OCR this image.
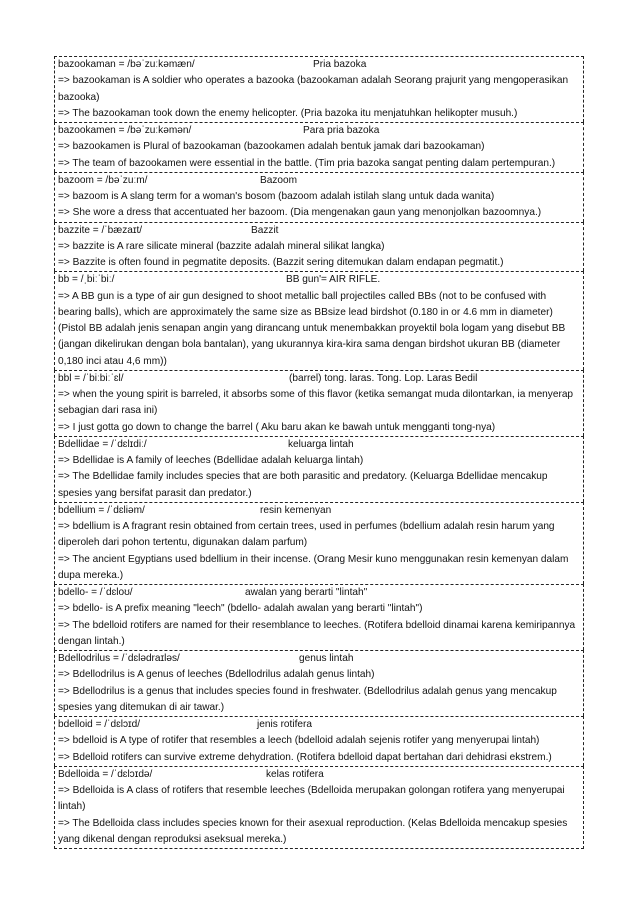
bazookaman = /bəˈzuːkəmæn/	Pria bazoka
=> bazookaman is A soldier who operates a bazooka (bazookaman adalah Seorang prajurit yang mengoperasikan bazooka)
=> The bazookaman took down the enemy helicopter. (Pria bazoka itu menjatuhkan helikopter musuh.)
bazookamen = /bəˈzuːkəmən/	Para pria bazoka
=> bazookamen is Plural of bazookaman (bazookamen adalah bentuk jamak dari bazookaman)
=> The team of bazookamen were essential in the battle. (Tim pria bazoka sangat penting dalam pertempuran.)
bazoom = /bəˈzuːm/	Bazoom
=> bazoom is A slang term for a woman's bosom (bazoom adalah istilah slang untuk dada wanita)
=> She wore a dress that accentuated her bazoom. (Dia mengenakan gaun yang menonjolkan bazoomnya.)
bazzite = /ˈbæzaɪt/	Bazzit
=> bazzite is A rare silicate mineral (bazzite adalah mineral silikat langka)
=> Bazzite is often found in pegmatite deposits. (Bazzit sering ditemukan dalam endapan pegmatit.)
bb = /ˌbiːˈbiː/	BB gun'= AIR RIFLE.
=> A BB gun is a type of air gun designed to shoot metallic ball projectiles called BBs (not to be confused with bearing balls), which are approximately the same size as BBsize lead birdshot (0.180 in or 4.6 mm in diameter) (Pistol BB adalah jenis senapan angin yang dirancang untuk menembakkan proyektil bola logam yang disebut BB (jangan dikelirukan dengan bola bantalan), yang ukurannya kira-kira sama dengan birdshot ukuran BB (diameter 0,180 inci atau 4,6 mm))
bbl = /ˈbiːbiːˈɛl/	(barrel) tong. laras. Tong. Lop. Laras Bedil
=> when the young spirit is barreled, it absorbs some of this flavor (ketika semangat muda dilontarkan, ia menyerap sebagian dari rasa ini)
=> I just gotta go down to change the barrel ( Aku baru akan ke bawah untuk mengganti tong-nya)
Bdellidae = /ˈdɛlɪdiː/	keluarga lintah
=> Bdellidae is A family of leeches (Bdellidae adalah keluarga lintah)
=> The Bdellidae family includes species that are both parasitic and predatory. (Keluarga Bdellidae mencakup spesies yang bersifat parasit dan predator.)
bdellium = /ˈdɛliəm/	resin kemenyan
=> bdellium is A fragrant resin obtained from certain trees, used in perfumes (bdellium adalah resin harum yang diperoleh dari pohon tertentu, digunakan dalam parfum)
=> The ancient Egyptians used bdellium in their incense. (Orang Mesir kuno menggunakan resin kemenyan dalam dupa mereka.)
bdello- = /ˈdɛloʊ/	awalan yang berarti "lintah"
=> bdello- is A prefix meaning "leech" (bdello- adalah awalan yang berarti "lintah")
=> The bdelloid rotifers are named for their resemblance to leeches. (Rotifera bdelloid dinamai karena kemiripannya dengan lintah.)
Bdellodrilus = /ˈdɛlədraɪləs/	genus lintah
=> Bdellodrilus is A genus of leeches (Bdellodrilus adalah genus lintah)
=> Bdellodrilus is a genus that includes species found in freshwater. (Bdellodrilus adalah genus yang mencakup spesies yang ditemukan di air tawar.)
bdelloid = /ˈdɛlɔɪd/	jenis rotifera
=> bdelloid is A type of rotifer that resembles a leech (bdelloid adalah sejenis rotifer yang menyerupai lintah)
=> Bdelloid rotifers can survive extreme dehydration. (Rotifera bdelloid dapat bertahan dari dehidrasi ekstrem.)
Bdelloida = /ˈdɛlɔɪdə/	kelas rotifera
=> Bdelloida is A class of rotifers that resemble leeches (Bdelloida merupakan golongan rotifera yang menyerupai lintah)
=> The Bdelloida class includes species known for their asexual reproduction. (Kelas Bdelloida mencakup spesies yang dikenal dengan reproduksi aseksual mereka.)
